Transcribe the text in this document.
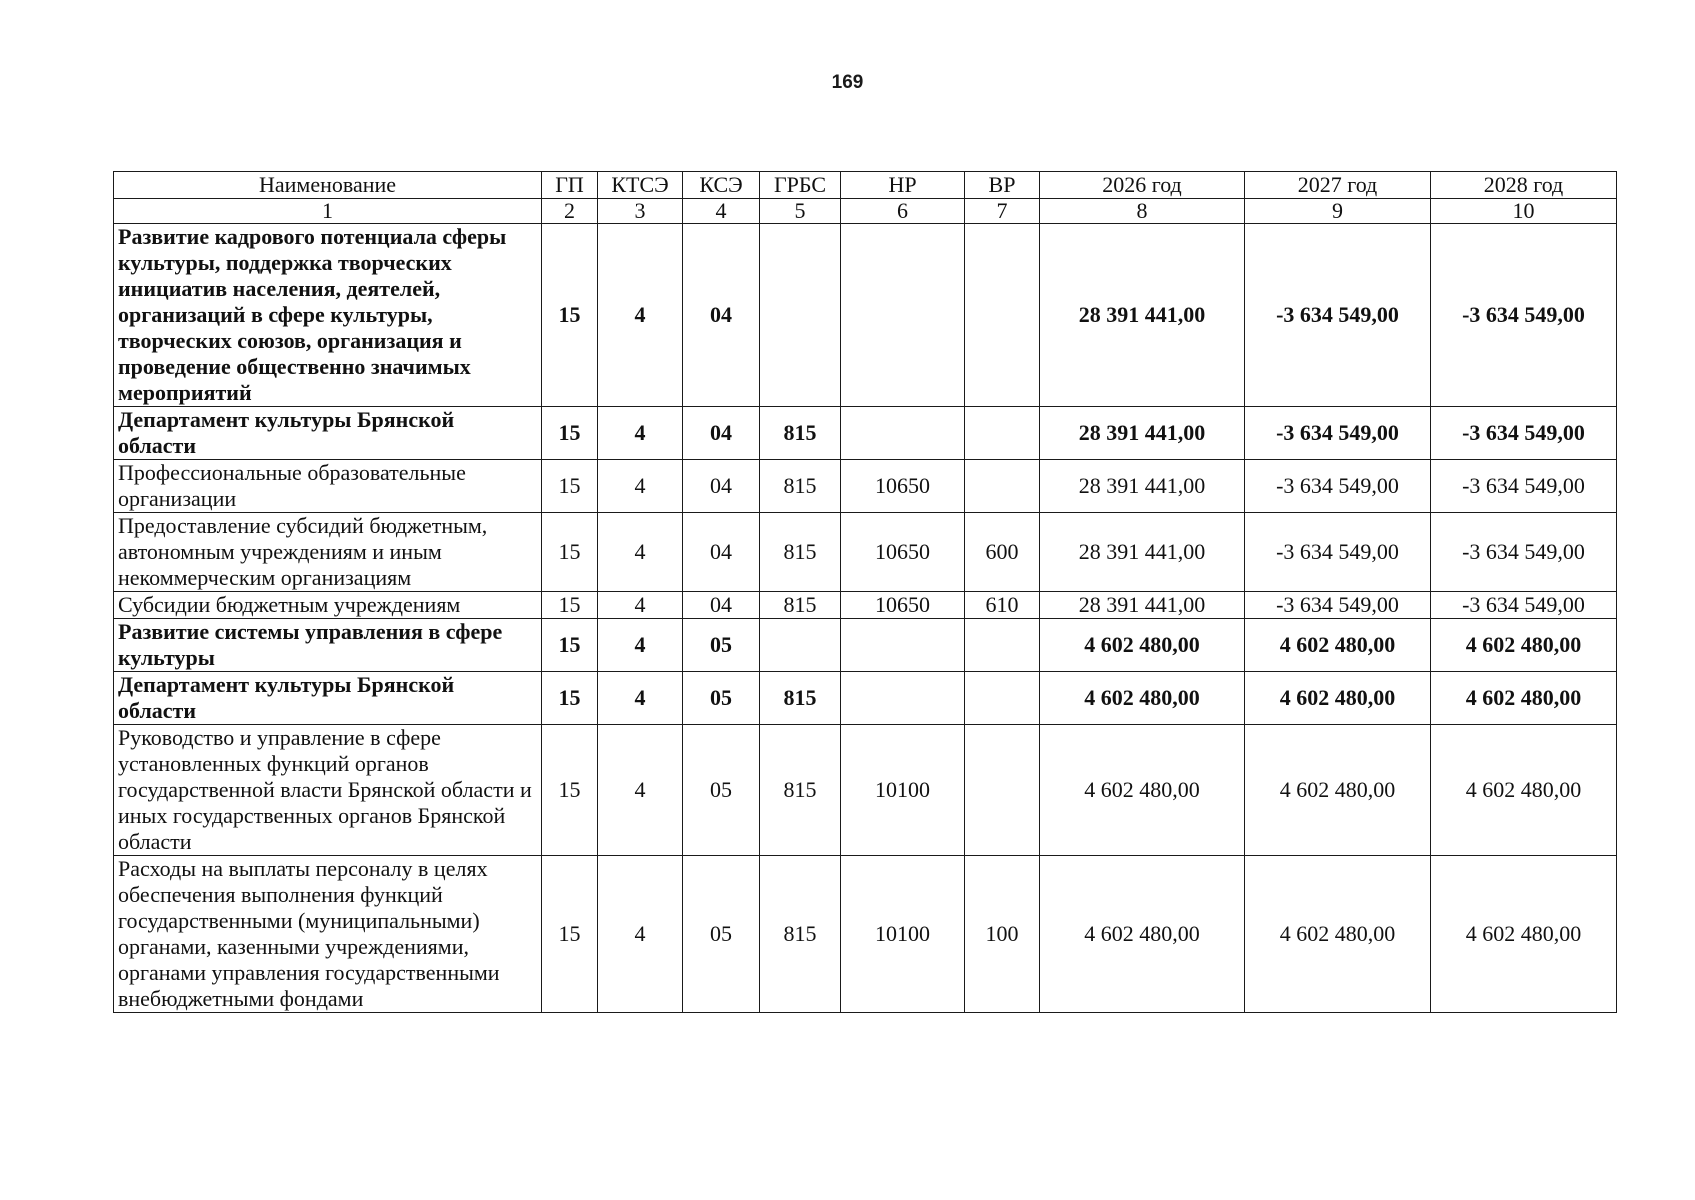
169
Наименование	ГП	КТСЭ	КСЭ	ГРБС	НР	ВР	2026 год	2027 год	2028 год
1	2	3	4	5	6	7	8	9	10
Развитие кадрового потенциала сферы культуры, поддержка творческих инициатив населения, деятелей, организаций в сфере культуры, творческих союзов, организация и проведение общественно значимых мероприятий	15	4	04				28 391 441,00	-3 634 549,00	-3 634 549,00
Департамент культуры Брянской области	15	4	04	815			28 391 441,00	-3 634 549,00	-3 634 549,00
Профессиональные образовательные организации	15	4	04	815	10650		28 391 441,00	-3 634 549,00	-3 634 549,00
Предоставление субсидий бюджетным, автономным учреждениям и иным некоммерческим организациям	15	4	04	815	10650	600	28 391 441,00	-3 634 549,00	-3 634 549,00
Субсидии бюджетным учреждениям	15	4	04	815	10650	610	28 391 441,00	-3 634 549,00	-3 634 549,00
Развитие системы управления в сфере культуры	15	4	05				4 602 480,00	4 602 480,00	4 602 480,00
Департамент культуры Брянской области	15	4	05	815			4 602 480,00	4 602 480,00	4 602 480,00
Руководство и управление в сфере установленных функций органов государственной власти Брянской области и иных государственных органов Брянской области	15	4	05	815	10100		4 602 480,00	4 602 480,00	4 602 480,00
Расходы на выплаты персоналу в целях обеспечения выполнения функций государственными (муниципальными) органами, казенными учреждениями, органами управления государственными внебюджетными фондами	15	4	05	815	10100	100	4 602 480,00	4 602 480,00	4 602 480,00
